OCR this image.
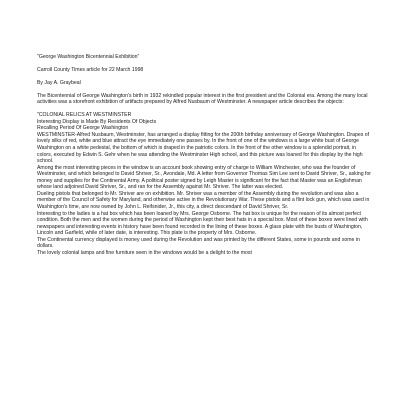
"George Washington Bicentennial Exhibition"

Carroll County Times article for 22 March 1998

By Jay A. Graybeal

The Bicentennial of George Washington's birth in 1932 rekindled popular interest in the first president and the Colonial era. Among the many local activities was a storefront exhibition of artifacts prepared by Alfred Nusbaum of Westminster. A newspaper article describes the objects:

"COLONIAL RELICS AT WESTMINSTER

Interesting Display is Made By Residents Of Objects

Recalling Period Of George Washington

WESTMINSTER-Alfred Nusbaum, Westminster, has arranged a display fitting for the 200th birthday anniversary of George Washington. Drapes of lovely silks of red, white and blue attract the eye immediately one passes by. In the front of one of the windows is a large white bust of George Washington on a white pedestal, the bottom of which is draped in the patriotic colors. In the front of the other window is a splendid portrait, in colors, executed by Edwin S. Gehr when he was attending the Westminster High school, and this picture was loaned for this display by the high school.

Among the most interesting pieces in the window is an account book showing entry of charge to William Winchester, who was the founder of Westminster, and which belonged to David Shriver, Sr., Avondale, Md. A letter from Governor Thomas Sim Lee sent to David Shriver, Sr., asking for money and supplies for the Continental Army. A political poster signed by Leigh Master is significant for the fact that Master was an Englishman whose land adjoined David Shriver, Sr., and ran for the Assembly against Mr. Shriver. The latter was elected.

Dueling pistols that belonged to Mr. Shriver are on exhibition. Mr. Shriver was a member of the Assembly during the revolution and was also a member of the Council of Safety for Maryland, and otherwise active in the Revolutionary War. These pistols and a flint lock gun, which was used in Washington's time, are now owned by John L. Reifsnider, Jr., this city, a direct descendant of David Shriver, Sr.

Interesting to the ladies is a hat box which has been loaned by Mrs. George Osborne. The hat box is unique for the reason of its almost perfect condition. Both the men and the women during the period of Washington kept their best hats in a special box. Most of these boxes were lined with newspapers and interesting events in history have been found recorded in the lining of these boxes. A glass plate with the busts of Washington, Lincoln and Garfield, while of later date, is interesting. This plate is the property of Mrs. Osborne.

The Continental currency displayed is money used during the Revolution and was printed by the different States, some in pounds and some in dollars.

The lovely colonial lamps and fine furniture seen in the windows would be a delight to the most
